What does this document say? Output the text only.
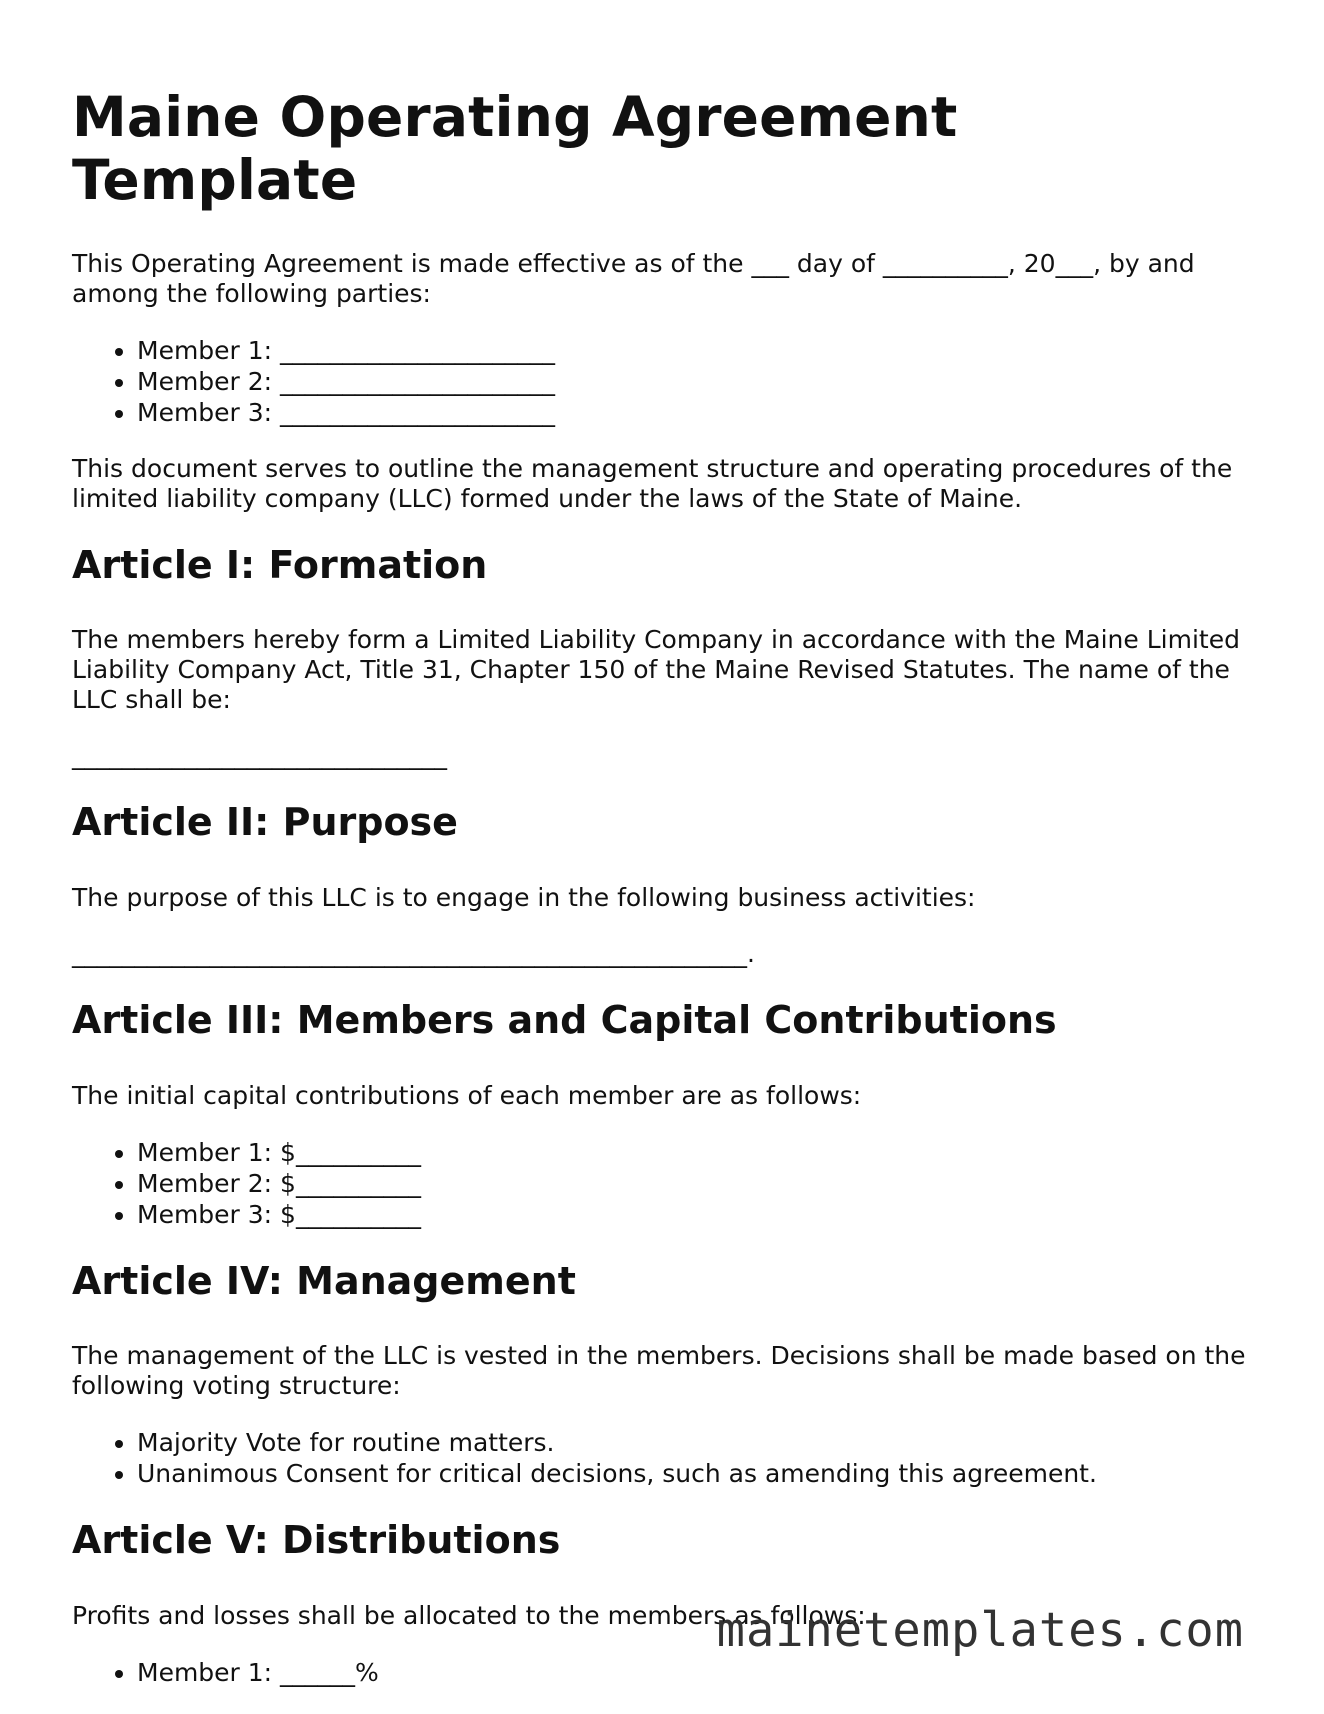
Maine Operating Agreement Template

This Operating Agreement is made effective as of the ___ day of __________, 20___, by and among the following parties:

• Member 1: ______________________
• Member 2: ______________________
• Member 3: ______________________

This document serves to outline the management structure and operating procedures of the limited liability company (LLC) formed under the laws of the State of Maine.

Article I: Formation

The members hereby form a Limited Liability Company in accordance with the Maine Limited Liability Company Act, Title 31, Chapter 150 of the Maine Revised Statutes. The name of the LLC shall be:

______________________________

Article II: Purpose

The purpose of this LLC is to engage in the following business activities:

______________________________________________________.

Article III: Members and Capital Contributions

The initial capital contributions of each member are as follows:

• Member 1: $__________
• Member 2: $__________
• Member 3: $__________
Article IV: Management

The management of the LLC is vested in the members. Decisions shall be made based on the following voting structure:

• Majority Vote for routine matters.
• Unanimous Consent for critical decisions, such as amending this agreement.
Article V: Distributions

Profits and losses shall be allocated to the members as follows:

• Member 1: ______%
mainetemplates.com
